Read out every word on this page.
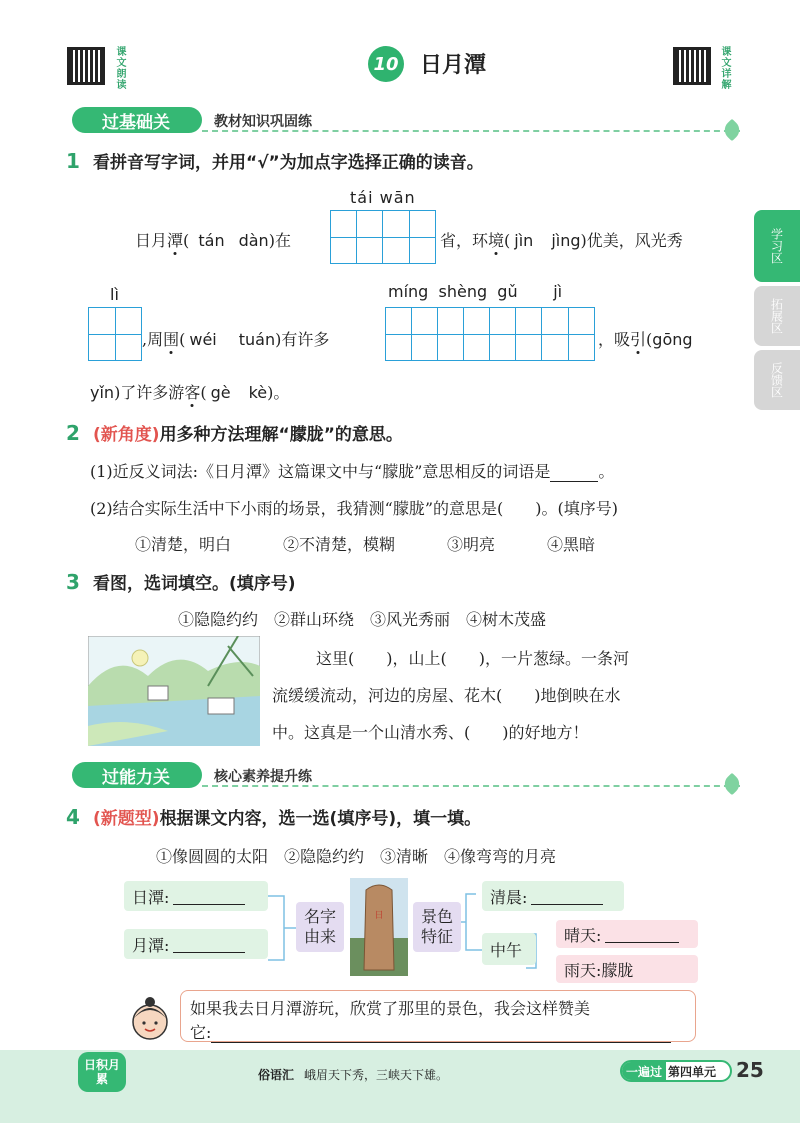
课文朗读	10 日月潭	课文详解
过基础关	教材知识巩固练
学习区
拓展区
反馈区
1 看拼音写字词，并用“√”为加点字选择正确的读音。
tái wān
日月潭( tán dàn)在	省，环境( jìn jìng)优美，风光秀
lì	míng  shèng  gǔ       jì
,周围( wéi tuán)有许多	，吸引(gōng
yǐn)了许多游客( gè kè)。
2 (新角度)用多种方法理解“朦胧”的意思。
(1)近反义词法:《日月潭》这篇课文中与“朦胧”意思相反的词语是	。
(2)结合实际生活中下小雨的场景，我猜测“朦胧”的意思是(　　)。(填序号)
①清楚，明白	②不清楚，模糊	③明亮	④黑暗
3 看图，选词填空。(填序号)
①隐隐约约　②群山环绕　③风光秀丽　④树木茂盛
这里(　　)，山上(　　)，一片葱绿。一条河
流缓缓流动，河边的房屋、花木(　　)地倒映在水
中。这真是一个山清水秀、(　　)的好地方！
过能力关	核心素养提升练
4 (新题型)根据课文内容，选一选(填序号)，填一填。
①像圆圆的太阳　②隐隐约约　③清晰　④像弯弯的月亮
日潭:
月潭:
名字由来
日	景色特征
清晨:
中午
晴天:
雨天:朦胧
如果我去日月潭游玩，欣赏了那里的景色，我会这样赞美
它:
日积月累	俗语汇 峨眉天下秀，三峡天下雄。	一遍过 第四单元 25
